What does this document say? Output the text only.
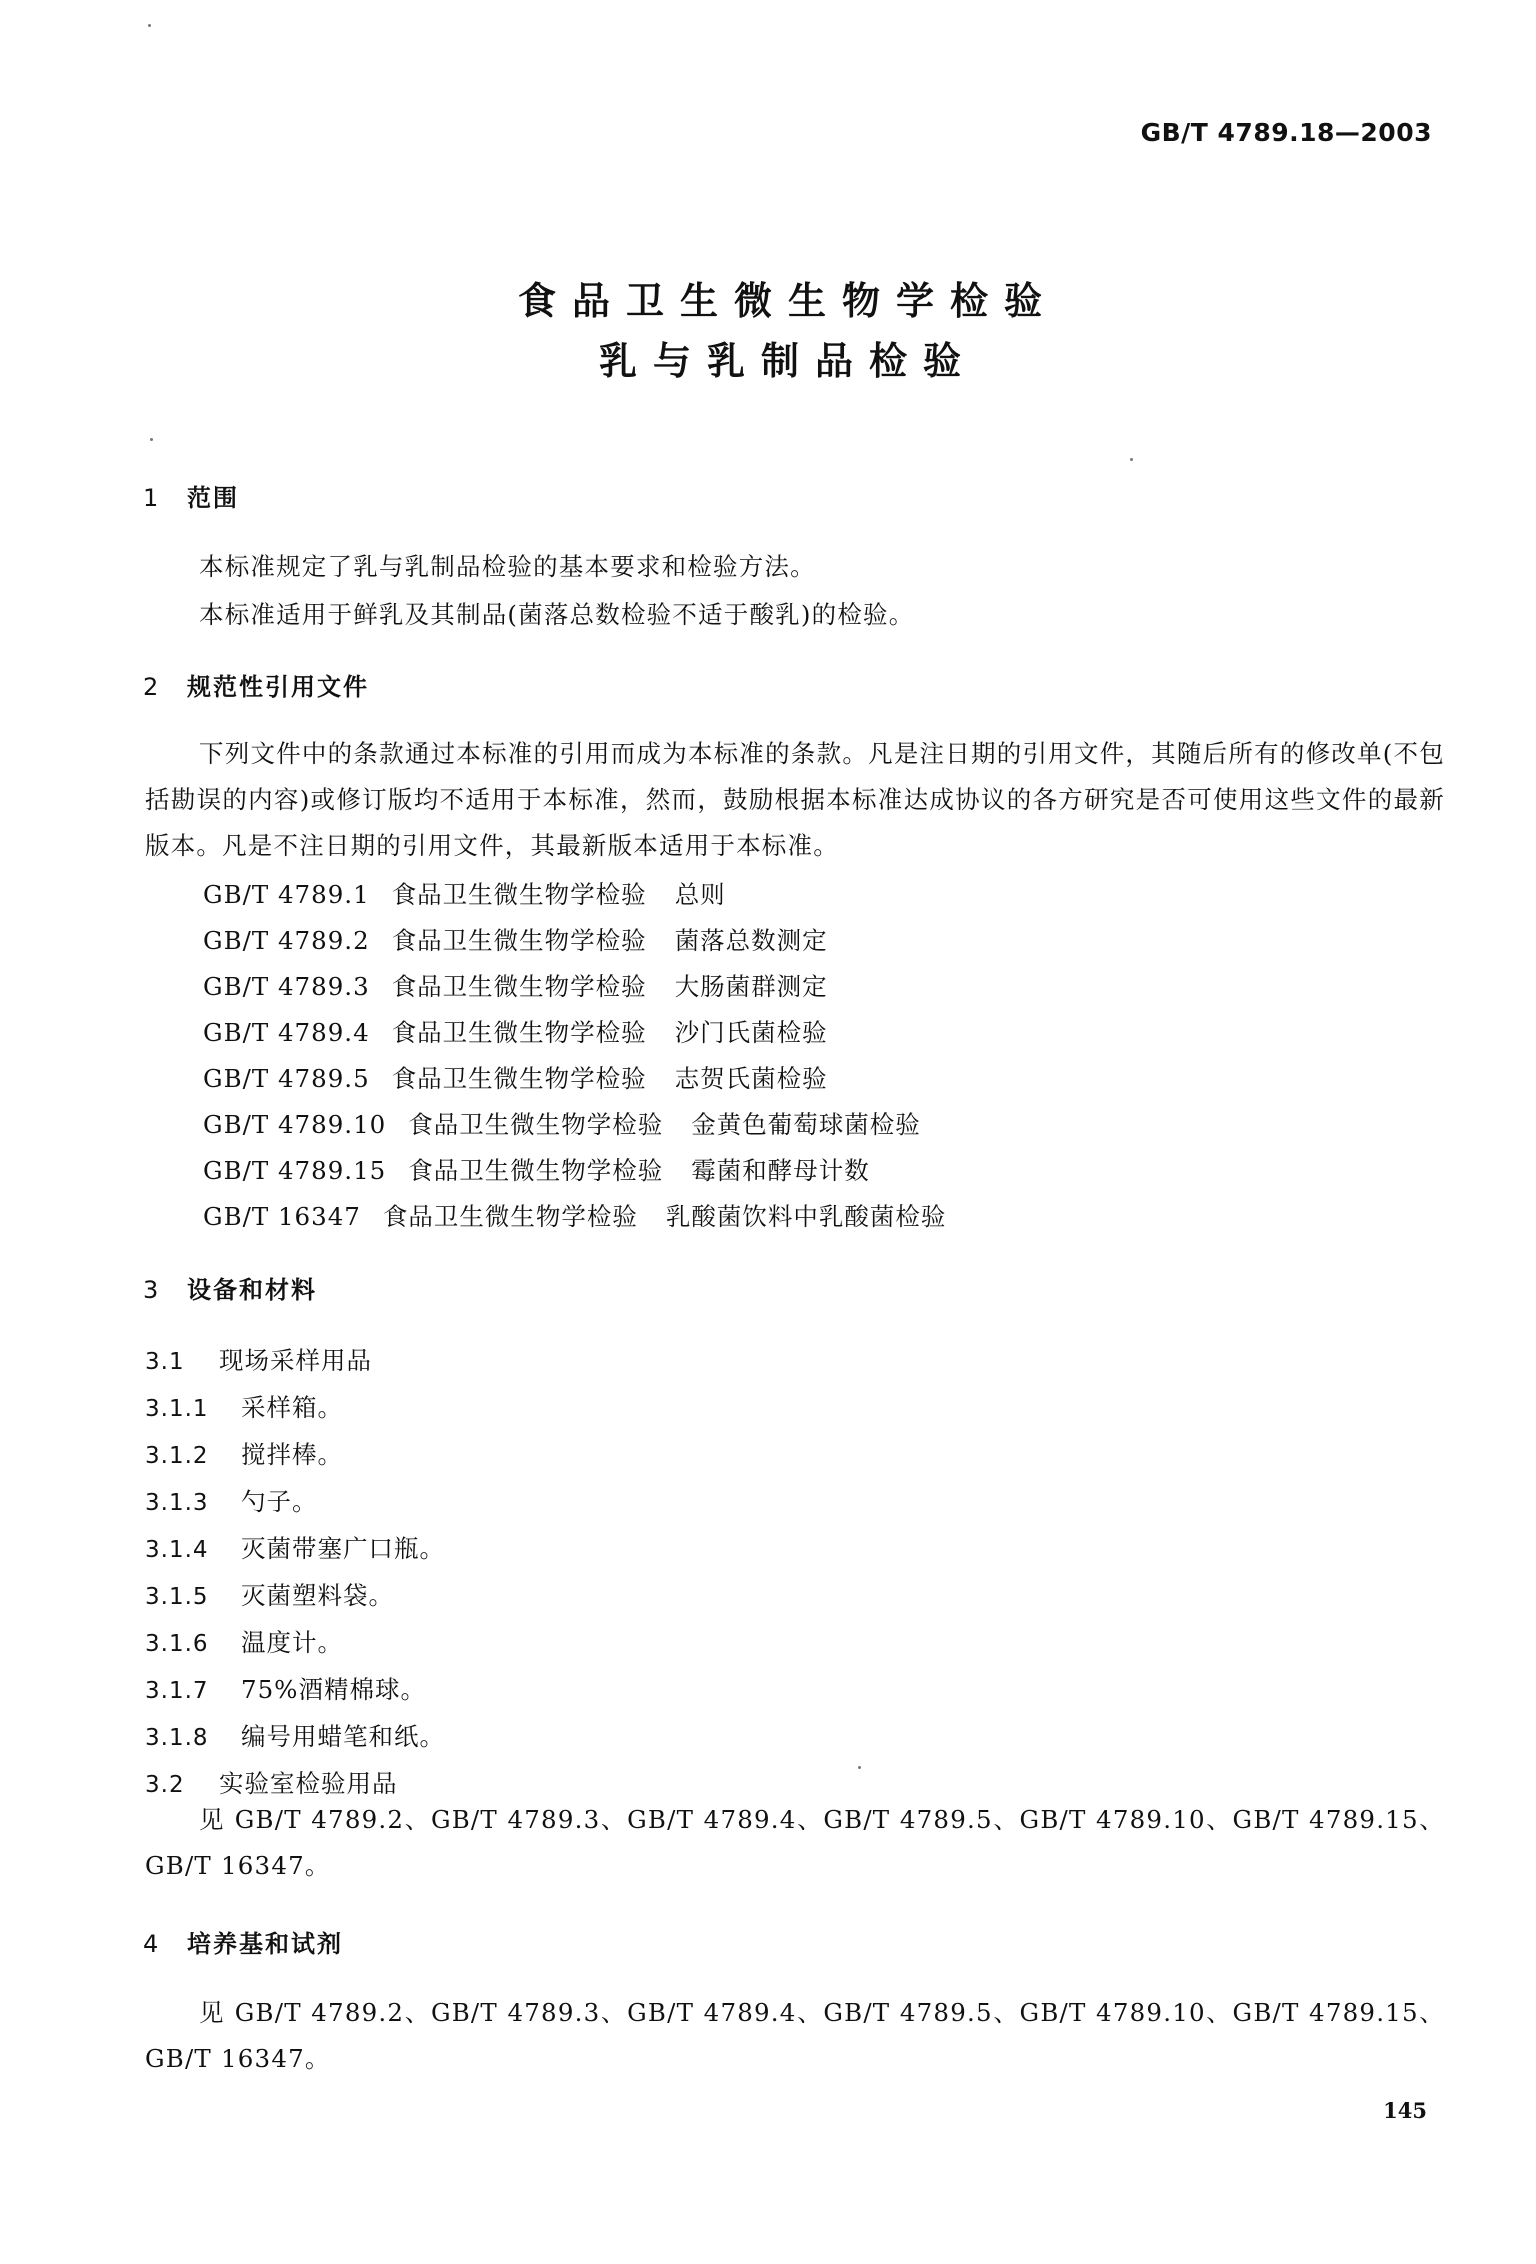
GB/T 4789.18—2003
食品卫生微生物学检验
乳与乳制品检验
1 范围
本标准规定了乳与乳制品检验的基本要求和检验方法。
本标准适用于鲜乳及其制品(菌落总数检验不适于酸乳)的检验。
2 规范性引用文件
下列文件中的条款通过本标准的引用而成为本标准的条款。凡是注日期的引用文件，其随后所有的修改单(不包括勘误的内容)或修订版均不适用于本标准，然而，鼓励根据本标准达成协议的各方研究是否可使用这些文件的最新版本。凡是不注日期的引用文件，其最新版本适用于本标准。
GB/T 4789.1 食品卫生微生物学检验 总则
GB/T 4789.2 食品卫生微生物学检验 菌落总数测定
GB/T 4789.3 食品卫生微生物学检验 大肠菌群测定
GB/T 4789.4 食品卫生微生物学检验 沙门氏菌检验
GB/T 4789.5 食品卫生微生物学检验 志贺氏菌检验
GB/T 4789.10 食品卫生微生物学检验 金黄色葡萄球菌检验
GB/T 4789.15 食品卫生微生物学检验 霉菌和酵母计数
GB/T 16347 食品卫生微生物学检验 乳酸菌饮料中乳酸菌检验
3 设备和材料
3.1 现场采样用品
3.1.1 采样箱。
3.1.2 搅拌棒。
3.1.3 勺子。
3.1.4 灭菌带塞广口瓶。
3.1.5 灭菌塑料袋。
3.1.6 温度计。
3.1.7 75%酒精棉球。
3.1.8 编号用蜡笔和纸。
3.2 实验室检验用品
见 GB/T 4789.2、GB/T 4789.3、GB/T 4789.4、GB/T 4789.5、GB/T 4789.10、GB/T 4789.15、GB/T 16347。
4 培养基和试剂
见 GB/T 4789.2、GB/T 4789.3、GB/T 4789.4、GB/T 4789.5、GB/T 4789.10、GB/T 4789.15、GB/T 16347。
145
